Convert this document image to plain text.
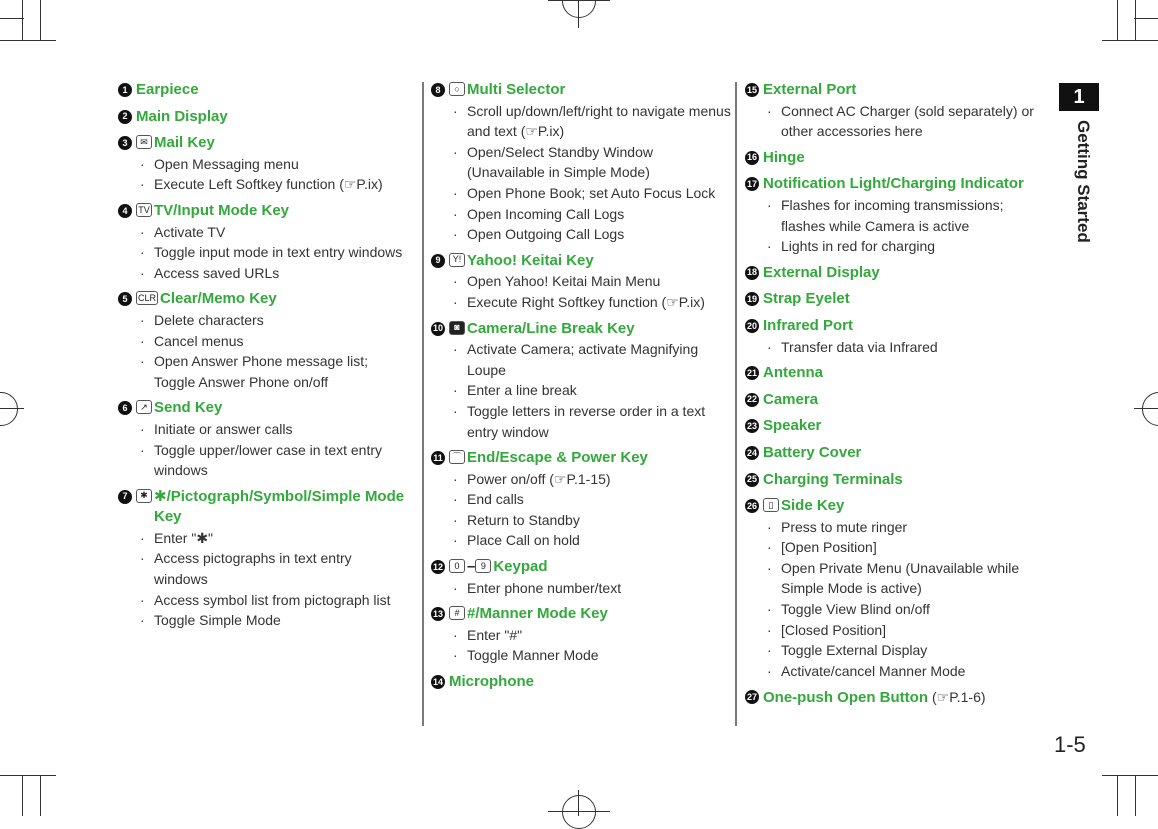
1 Earpiece
2 Main Display
3	✉ Mail Key
· Open Messaging menu
· Execute Left Softkey function (☞P.ix)
4	TV TV/Input Mode Key
· Activate TV
· Toggle input mode in text entry windows
· Access saved URLs
5	CLR Clear/Memo Key
· Delete characters
· Cancel menus
· Open Answer Phone message list; Toggle Answer Phone on/off
6	↗ Send Key
· Initiate or answer calls
· Toggle upper/lower case in text entry windows
7	✱ ✱/Pictograph/Symbol/Simple Mode Key
· Enter "✱"
· Access pictographs in text entry windows
· Access symbol list from pictograph list
· Toggle Simple Mode
8	○ Multi Selector
· Scroll up/down/left/right to navigate menus and text (☞P.ix)
· Open/Select Standby Window (Unavailable in Simple Mode)
· Open Phone Book; set Auto Focus Lock
· Open Incoming Call Logs
· Open Outgoing Call Logs
9	Y! Yahoo! Keitai Key
· Open Yahoo! Keitai Main Menu
· Execute Right Softkey function (☞P.ix)
10	◙ Camera/Line Break Key
· Activate Camera; activate Magnifying Loupe
· Enter a line break
· Toggle letters in reverse order in a text entry window
11	⌒ End/Escape & Power Key
· Power on/off (☞P.1-15)
· End calls
· Return to Standby
· Place Call on hold
12	0 – 9 Keypad
· Enter phone number/text
13	# #/Manner Mode Key
· Enter "#"
· Toggle Manner Mode
14 Microphone
15 External Port
· Connect AC Charger (sold separately) or other accessories here
16 Hinge
17 Notification Light/Charging Indicator
· Flashes for incoming transmissions; flashes while Camera is active
· Lights in red for charging
18 External Display
19 Strap Eyelet
20 Infrared Port
· Transfer data via Infrared
21 Antenna
22 Camera
23 Speaker
24 Battery Cover
25 Charging Terminals
26	▯ Side Key
· Press to mute ringer
· [Open Position]
· Open Private Menu (Unavailable while Simple Mode is active)
· Toggle View Blind on/off
· [Closed Position]
· Toggle External Display
· Activate/cancel Manner Mode
27 One-push Open Button (☞P.1-6)
1
Getting Started
1-5
